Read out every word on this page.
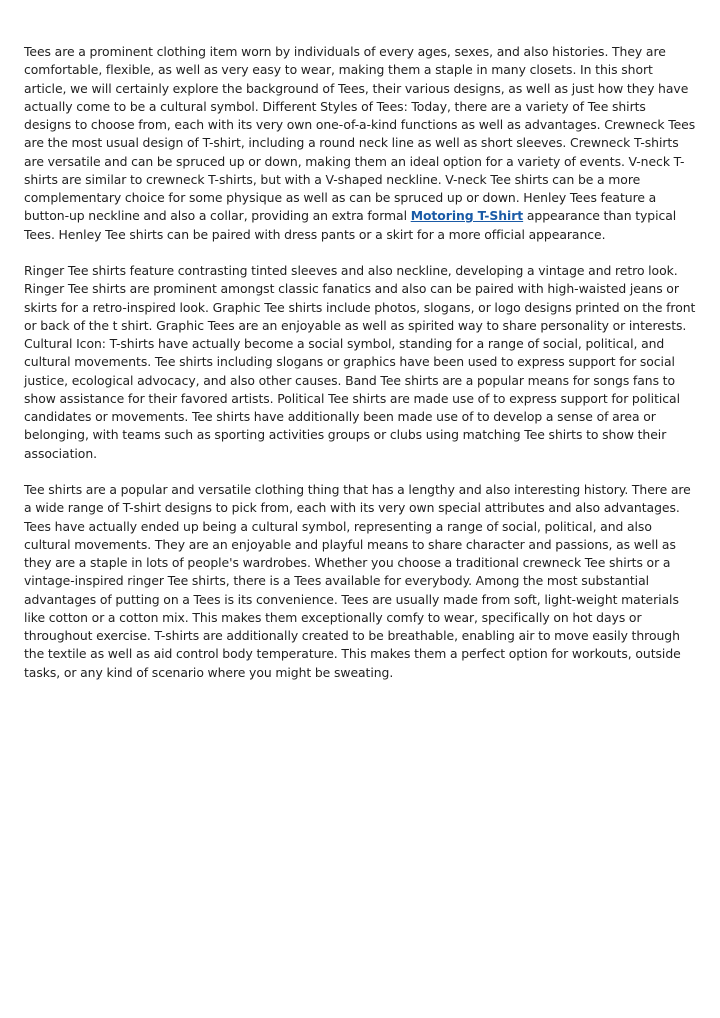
Tees are a prominent clothing item worn by individuals of every ages, sexes, and also histories. They are comfortable, flexible, as well as very easy to wear, making them a staple in many closets. In this short article, we will certainly explore the background of Tees, their various designs, as well as just how they have actually come to be a cultural symbol. Different Styles of Tees: Today, there are a variety of Tee shirts designs to choose from, each with its very own one-of-a-kind functions as well as advantages. Crewneck Tees are the most usual design of T-shirt, including a round neck line as well as short sleeves. Crewneck T-shirts are versatile and can be spruced up or down, making them an ideal option for a variety of events. V-neck T-shirts are similar to crewneck T-shirts, but with a V-shaped neckline. V-neck Tee shirts can be a more complementary choice for some physique as well as can be spruced up or down. Henley Tees feature a button-up neckline and also a collar, providing an extra formal Motoring T-Shirt appearance than typical Tees. Henley Tee shirts can be paired with dress pants or a skirt for a more official appearance.

Ringer Tee shirts feature contrasting tinted sleeves and also neckline, developing a vintage and retro look. Ringer Tee shirts are prominent amongst classic fanatics and also can be paired with high-waisted jeans or skirts for a retro-inspired look. Graphic Tee shirts include photos, slogans, or logo designs printed on the front or back of the t shirt. Graphic Tees are an enjoyable as well as spirited way to share personality or interests. Cultural Icon: T-shirts have actually become a social symbol, standing for a range of social, political, and cultural movements. Tee shirts including slogans or graphics have been used to express support for social justice, ecological advocacy, and also other causes. Band Tee shirts are a popular means for songs fans to show assistance for their favored artists. Political Tee shirts are made use of to express support for political candidates or movements. Tee shirts have additionally been made use of to develop a sense of area or belonging, with teams such as sporting activities groups or clubs using matching Tee shirts to show their association.

Tee shirts are a popular and versatile clothing thing that has a lengthy and also interesting history. There are a wide range of T-shirt designs to pick from, each with its very own special attributes and also advantages. Tees have actually ended up being a cultural symbol, representing a range of social, political, and also cultural movements. They are an enjoyable and playful means to share character and passions, as well as they are a staple in lots of people's wardrobes. Whether you choose a traditional crewneck Tee shirts or a vintage-inspired ringer Tee shirts, there is a Tees available for everybody. Among the most substantial advantages of putting on a Tees is its convenience. Tees are usually made from soft, light-weight materials like cotton or a cotton mix. This makes them exceptionally comfy to wear, specifically on hot days or throughout exercise. T-shirts are additionally created to be breathable, enabling air to move easily through the textile as well as aid control body temperature. This makes them a perfect option for workouts, outside tasks, or any kind of scenario where you might be sweating.
